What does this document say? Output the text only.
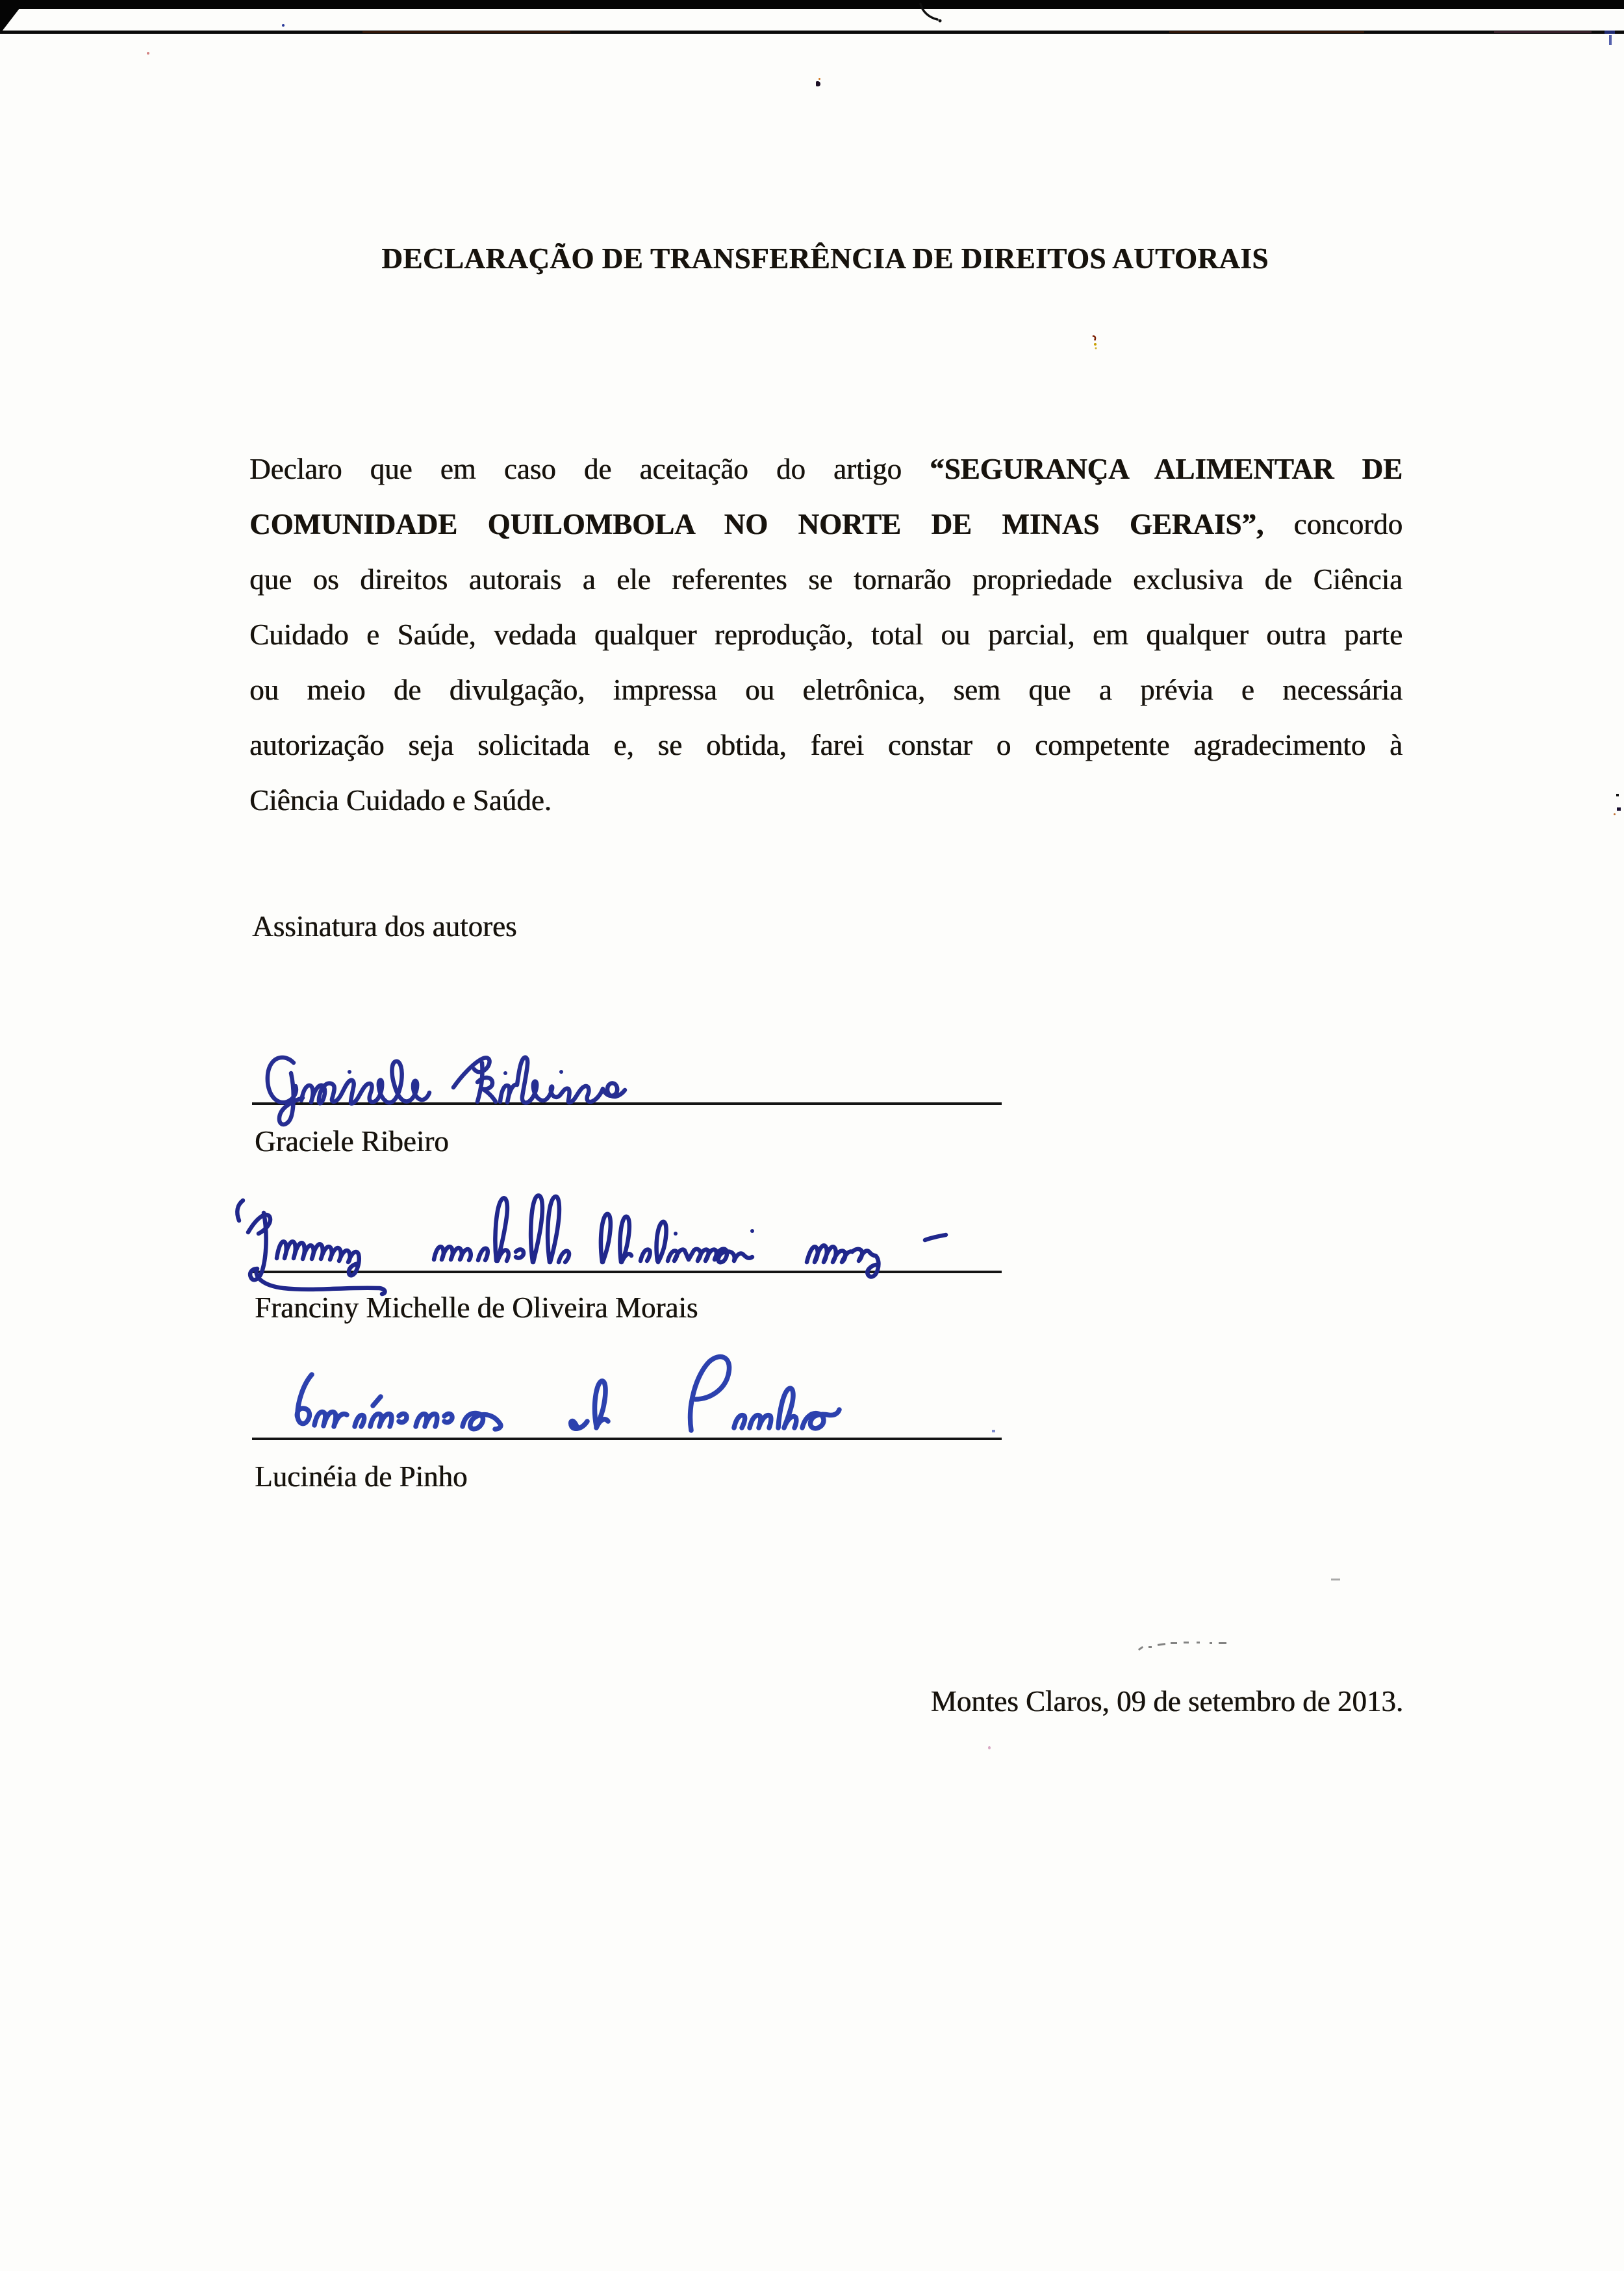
DECLARAÇÃO DE TRANSFERÊNCIA DE DIREITOS AUTORAIS
Declaro que em caso de aceitação do artigo “SEGURANÇA ALIMENTAR DE
COMUNIDADE QUILOMBOLA NO NORTE DE MINAS GERAIS”, concordo
que os direitos autorais a ele referentes se tornarão propriedade exclusiva de Ciência
Cuidado e Saúde, vedada qualquer reprodução, total ou parcial, em qualquer outra parte
ou meio de divulgação, impressa ou eletrônica, sem que a prévia e necessária
autorização seja solicitada e, se obtida, farei constar o competente agradecimento à
Ciência Cuidado e Saúde.
Assinatura dos autores
Graciele Ribeiro
Franciny Michelle de Oliveira Morais
Lucinéia de Pinho
Montes Claros, 09 de setembro de 2013.
